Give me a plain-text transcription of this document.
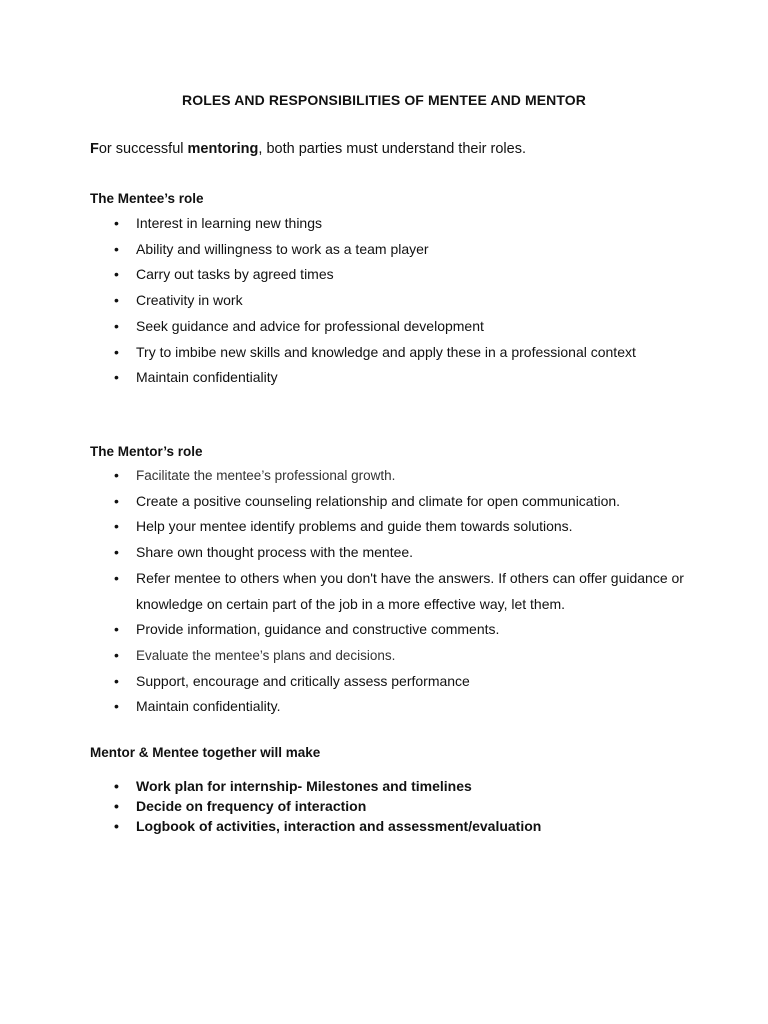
ROLES AND RESPONSIBILITIES OF MENTEE AND MENTOR
For successful mentoring, both parties must understand their roles.
The Mentee’s role
• Interest in learning new things
• Ability and willingness to work as a team player
• Carry out tasks by agreed times
• Creativity in work
• Seek guidance and advice for professional development
• Try to imbibe new skills and knowledge and apply these in a professional context
• Maintain confidentiality
The Mentor’s role
• Facilitate the mentee’s professional growth.
• Create a positive counseling relationship and climate for open communication.
• Help your mentee identify problems and guide them towards solutions.
• Share own thought process with the mentee.
• Refer mentee to others when you don't have the answers. If others can offer guidance or
knowledge on certain part of the job in a more effective way, let them.
• Provide information, guidance and constructive comments.
• Evaluate the mentee’s plans and decisions.
• Support, encourage and critically assess performance
• Maintain confidentiality.
Mentor & Mentee together will make
• Work plan for internship- Milestones and timelines
• Decide on frequency of interaction
• Logbook of activities, interaction and assessment/evaluation
